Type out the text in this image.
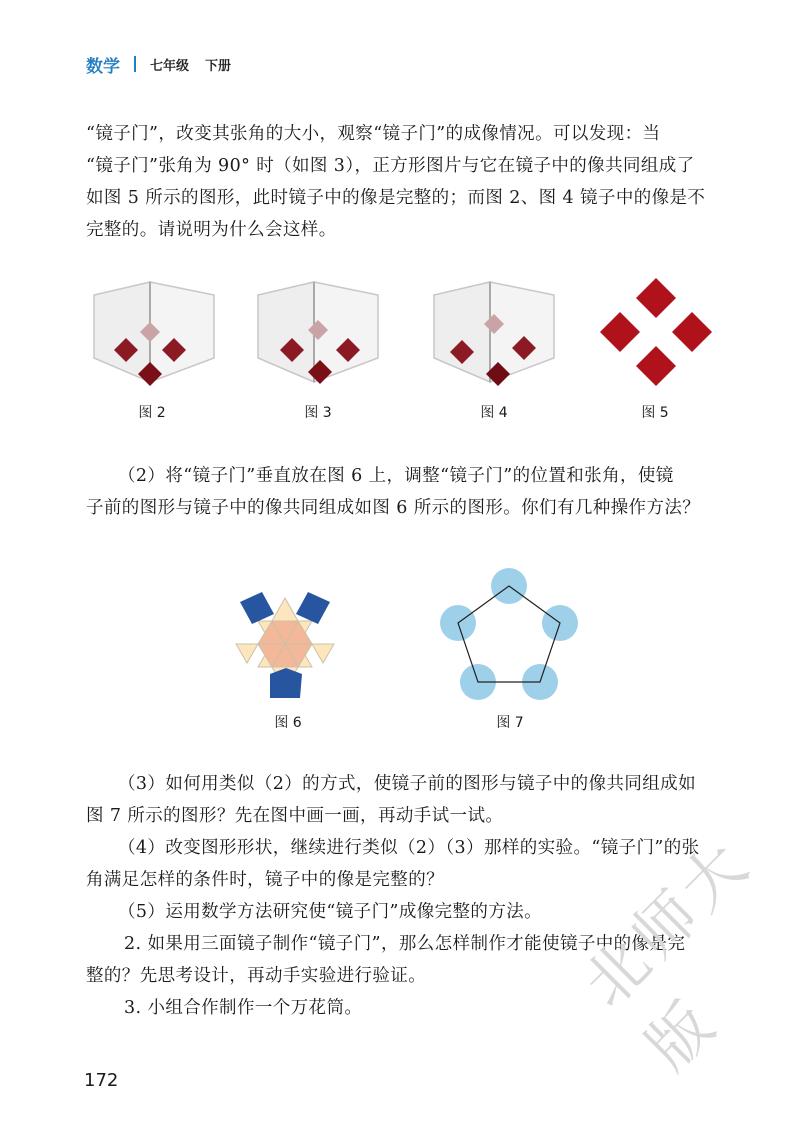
数学 七年级 下册
“镜子门”，改变其张角的大小，观察“镜子门”的成像情况。可以发现：当
“镜子门”张角为 90° 时（如图 3），正方形图片与它在镜子中的像共同组成了
如图 5 所示的图形，此时镜子中的像是完整的；而图 2、图 4 镜子中的像是不
完整的。请说明为什么会这样。
图 2	图 3	图 4	图 5
（2）将“镜子门”垂直放在图 6 上，调整“镜子门”的位置和张角，使镜
子前的图形与镜子中的像共同组成如图 6 所示的图形。你们有几种操作方法？
图 6	图 7
（3）如何用类似（2）的方式，使镜子前的图形与镜子中的像共同组成如
图 7 所示的图形？先在图中画一画，再动手试一试。
（4）改变图形形状，继续进行类似（2）（3）那样的实验。“镜子门”的张
角满足怎样的条件时，镜子中的像是完整的？
（5）运用数学方法研究使“镜子门”成像完整的方法。
2. 如果用三面镜子制作“镜子门”，那么怎样制作才能使镜子中的像是完
整的？先思考设计，再动手实验进行验证。
3. 小组合作制作一个万花筒。
172
北师大版
